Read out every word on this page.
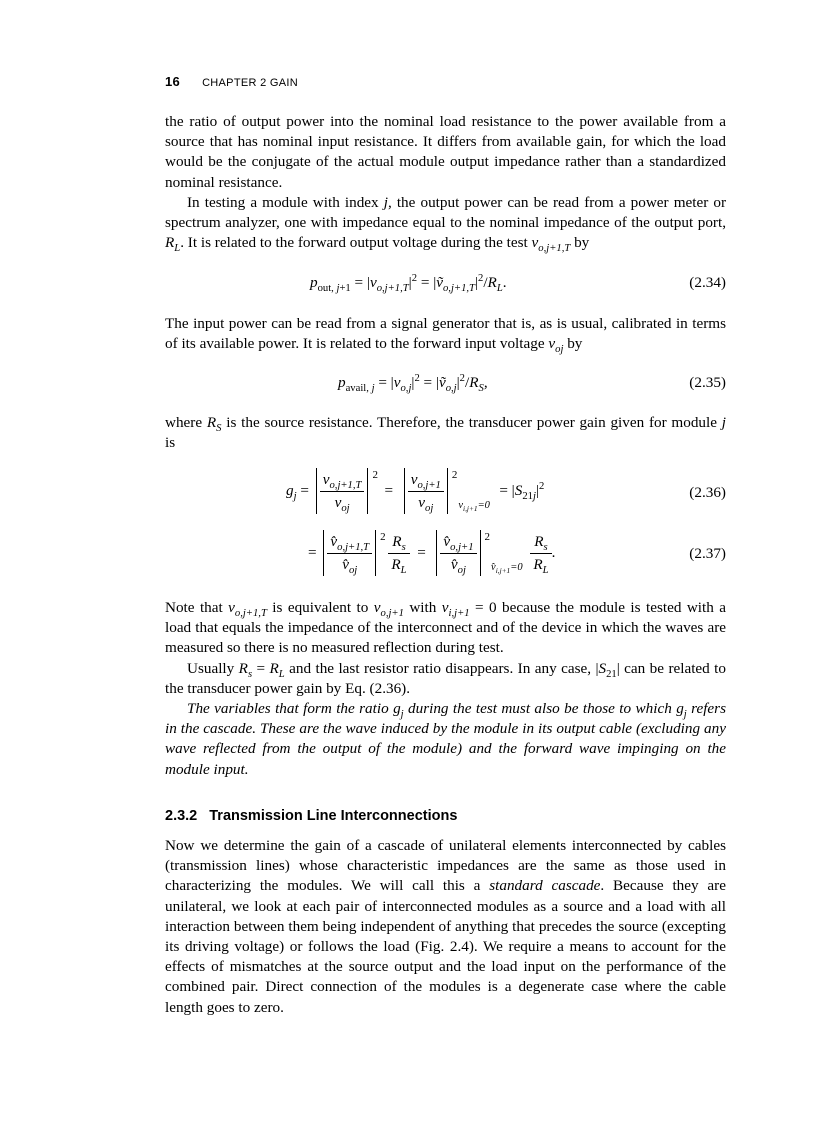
16 CHAPTER 2 GAIN

the ratio of output power into the nominal load resistance to the power available from a source that has nominal input resistance. It differs from available gain, for which the load would be the conjugate of the actual module output impedance rather than a standardized nominal resistance.

In testing a module with index j, the output power can be read from a power meter or spectrum analyzer, one with impedance equal to the nominal impedance of the output port, $R_L$. It is related to the forward output voltage during the test $v_{o,j+1,T}$ by

$p_{out, j+1} = |v_{o,j+1,T}|^2$ = $|ṽ_{o,j+1,T}|^2/R_L$.	(2.34)

The input power can be read from a signal generator that is, as is usual, calibrated in terms of its available power. It is related to the forward input voltage $v_{oj}$ by

$p_{avail, j} = |v_{o,j}|^2$ = $|ṽ_{o,j}|^2/R_S$,	(2.35)

where $R_S$ is the source resistance. Therefore, the transducer power gain given for module j is

$g_j = \frac{v_{o,j+1,T}}{v_{oj}} ^2 = \frac{v_{o,j+1}}{v_{oj}} ^2_{v_{i,j+1}=0} = |S_{21j}|^2$	(2.36)
= $\frac{v̂_{o,j+1,T}}{v̂_{oj}} ^2 \frac{R_s}{R_L} = \frac{v̂_{o,j+1}}{v̂_{oj}} ^2_{v̂_{i,j+1}=0} \frac{R_s}{R_L}$ .	(2.37)

Note that $v_{o,j+1,T}$ is equivalent to $v_{o,j+1}$ with $v_{i,j+1} = 0$ because the module is tested with a load that equals the impedance of the interconnect and of the device in which the waves are measured so there is no measured reflection during test.

Usually $R_s = R_L$ and the last resistor ratio disappears. In any case, $|S_{21}|$ can be related to the transducer power gain by Eq. (2.36).

The variables that form the ratio $g_j$ during the test must also be those to which $g_j$ refers in the cascade. These are the wave induced by the module in its output cable (excluding any wave reflected from the output of the module) and the forward wave impinging on the module input.

2.3.2 Transmission Line Interconnections

Now we determine the gain of a cascade of unilateral elements interconnected by cables (transmission lines) whose characteristic impedances are the same as those used in characterizing the modules. We will call this a standard cascade. Because they are unilateral, we look at each pair of interconnected modules as a source and a load with all interaction between them being independent of anything that precedes the source (excepting its driving voltage) or follows the load (Fig. 2.4). We require a means to account for the effects of mismatches at the source output and the load input on the performance of the combined pair. Direct connection of the modules is a degenerate case where the cable length goes to zero.
